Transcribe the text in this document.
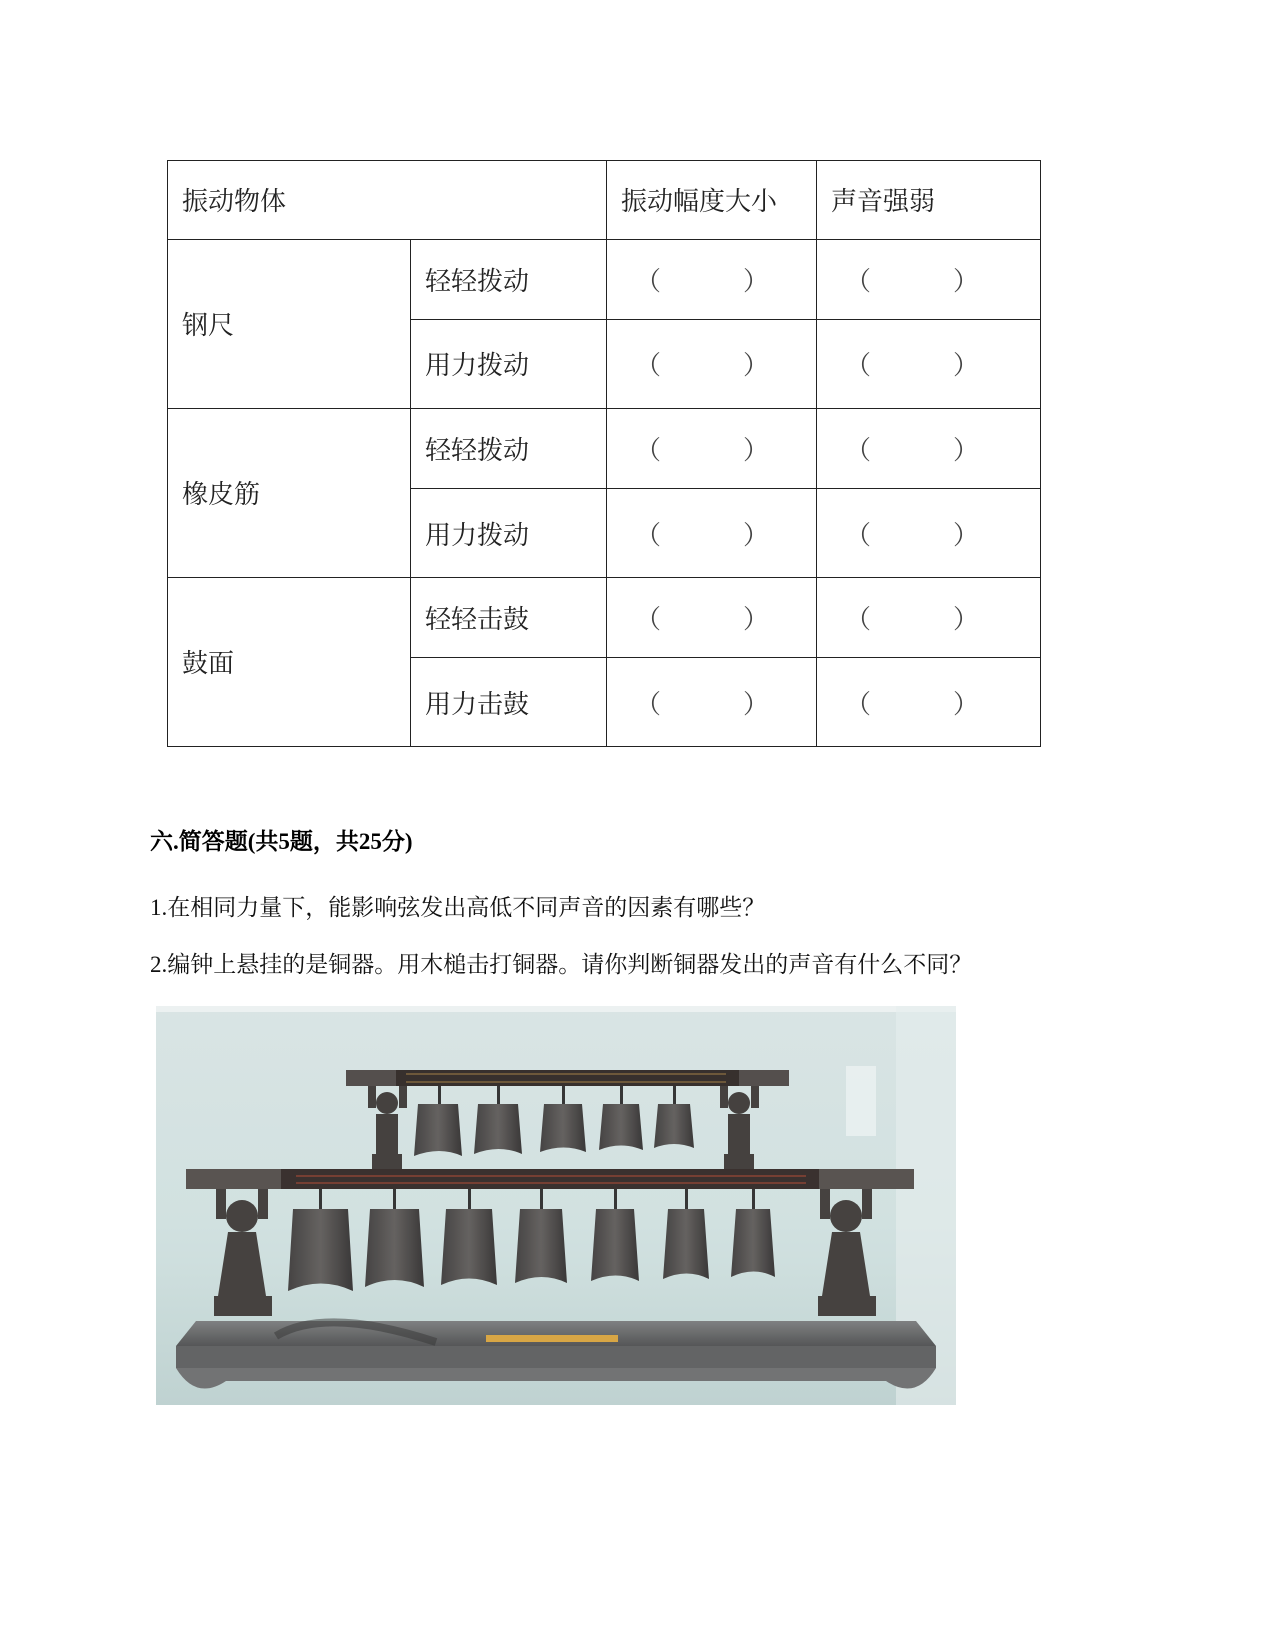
振动物体		振动幅度大小	声音强弱
钢尺	轻轻拨动	（ ）	（ ）
	用力拨动	（ ）	（ ）
橡皮筋	轻轻拨动	（ ）	（ ）
	用力拨动	（ ）	（ ）
鼓面	轻轻击鼓	（ ）	（ ）
	用力击鼓	（ ）	（ ）
六.简答题(共5题，共25分)
1.在相同力量下，能影响弦发出高低不同声音的因素有哪些？
2.编钟上悬挂的是铜器。用木槌击打铜器。请你判断铜器发出的声音有什么不同？
